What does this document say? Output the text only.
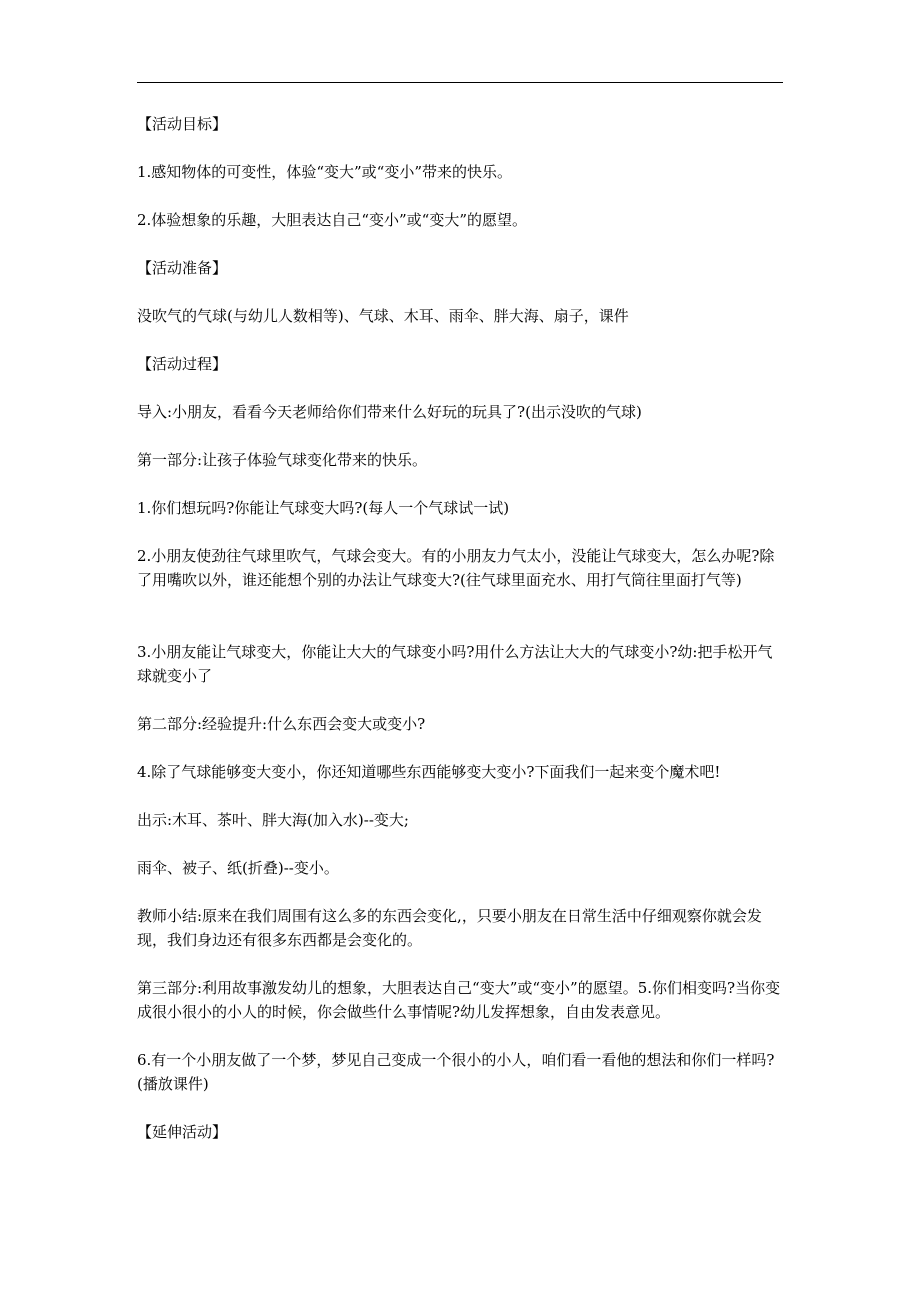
【活动目标】

1.感知物体的可变性，体验“变大”或“变小”带来的快乐。

2.体验想象的乐趣，大胆表达自己“变小”或“变大”的愿望。

【活动准备】

没吹气的气球(与幼儿人数相等)、气球、木耳、雨伞、胖大海、扇子，课件

【活动过程】

导入:小朋友，看看今天老师给你们带来什么好玩的玩具了?(出示没吹的气球)

第一部分:让孩子体验气球变化带来的快乐。

1.你们想玩吗?你能让气球变大吗?(每人一个气球试一试)

2.小朋友使劲往气球里吹气，气球会变大。有的小朋友力气太小，没能让气球变大，怎么办呢?除了用嘴吹以外，谁还能想个别的办法让气球变大?(往气球里面充水、用打气筒往里面打气等)

3.小朋友能让气球变大，你能让大大的气球变小吗?用什么方法让大大的气球变小?幼:把手松开气球就变小了

第二部分:经验提升:什么东西会变大或变小?

4.除了气球能够变大变小，你还知道哪些东西能够变大变小?下面我们一起来变个魔术吧!

出示:木耳、茶叶、胖大海(加入水)--变大;

雨伞、被子、纸(折叠)--变小。

教师小结:原来在我们周围有这么多的东西会变化,，只要小朋友在日常生活中仔细观察你就会发现，我们身边还有很多东西都是会变化的。

第三部分:利用故事激发幼儿的想象，大胆表达自己“变大”或“变小”的愿望。5.你们相变吗?当你变成很小很小的小人的时候，你会做些什么事情呢?幼儿发挥想象，自由发表意见。

6.有一个小朋友做了一个梦，梦见自己变成一个很小的小人，咱们看一看他的想法和你们一样吗?(播放课件)

【延伸活动】
